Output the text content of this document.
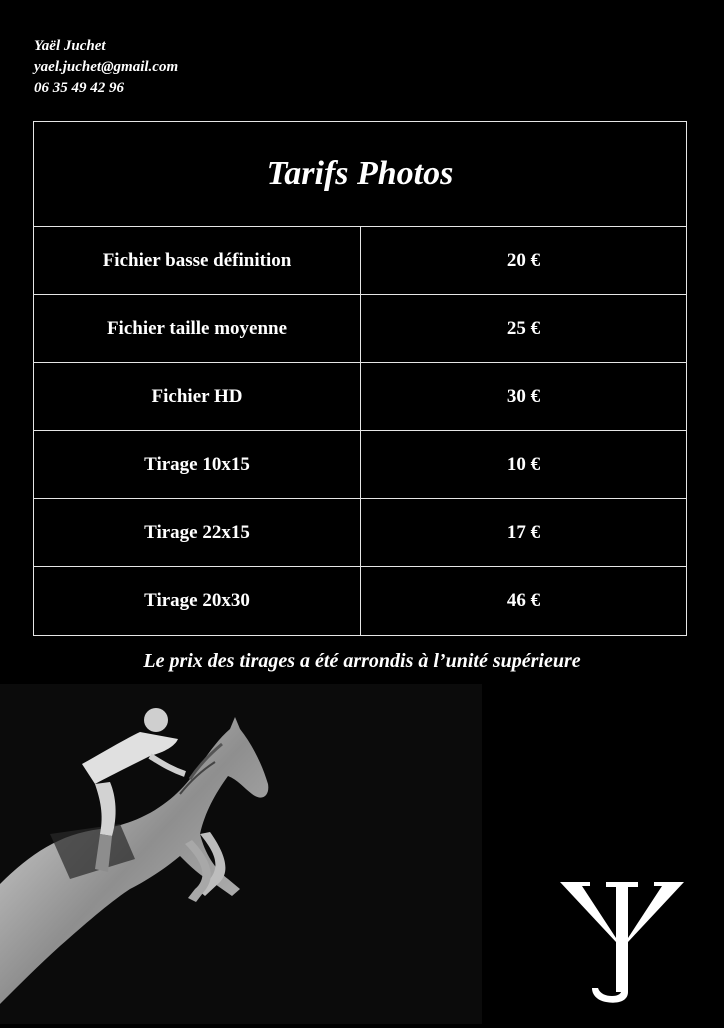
Yaël Juchet
yael.juchet@gmail.com
06 35 49 42 96
Tarifs Photos
Fichier basse définition	20 €
Fichier taille moyenne	25 €
Fichier HD	30 €
Tirage 10x15	10 €
Tirage 22x15	17 €
Tirage 20x30	46 €
Le prix des tirages a été arrondis à l’unité supérieure
